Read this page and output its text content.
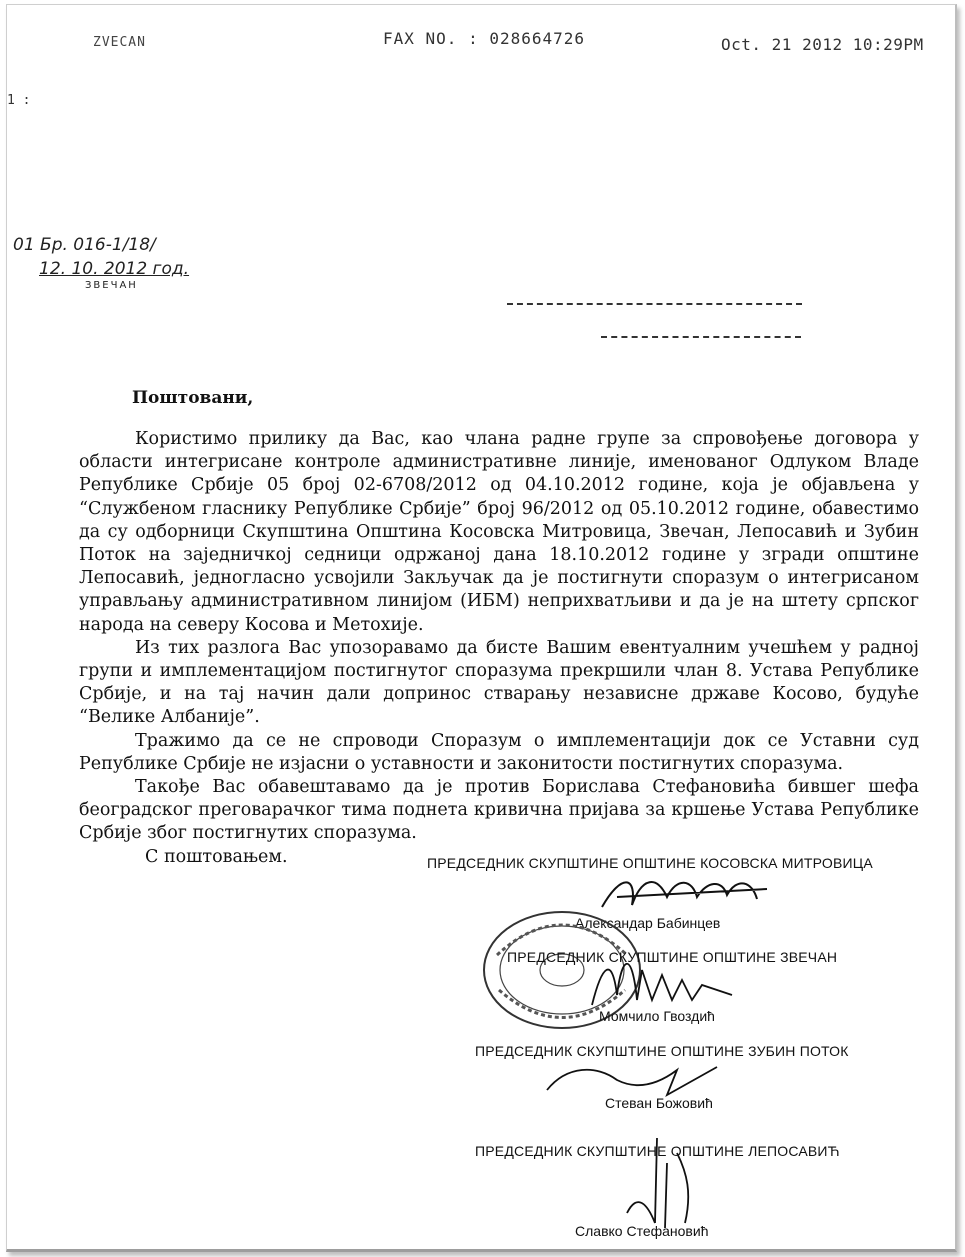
ZVECAN	FAX NO. : 028664726	Oct. 21 2012 10:29PM
1 :
01 Бр. 016-1/18/
12. 10. 2012 год.
ЗВЕЧАН
Поштовани,

Користимо прилику да Вас, као члана радне групе за спровођење договора у области интегрисане контроле административне линије, именованог Одлуком Владе Републике Србије 05 број 02-6708/2012 од 04.10.2012 године, која је објављена у “Службеном гласнику Републике Србије” број 96/2012 од 05.10.2012 године, обавестимо да су одборници Скупштина Општина Косовска Митровица, Звечан, Лепосавић и Зубин Поток на заједничкој седници одржаној дана 18.10.2012 године у згради општине Лепосавић, једногласно усвојили Закључак да је постигнути споразум о интегрисаном управљању административном линијом (ИБМ) неприхватљиви и да је на штету српског народа на северу Косова и Метохије.

Из тих разлога Вас упозоравамо да бисте Вашим евентуалним учешћем у радној групи и имплементацијом постигнутог споразума прекршили члан 8. Устава Републике Србије, и на тај начин дали допринос стварању независне државе Косово, будуће “Велике Албаније”.

Тражимо да се не спроводи Споразум о имплементацији док се Уставни суд Републике Србије не изјасни о уставности и законитости постигнутих споразума.

Такође Вас обавештавамо да је против Борислава Стефановића бившег шефа београдског преговарачког тима поднета кривична пријава за кршење Устава Републике Србије због постигнутих споразума.

С поштовањем.	ПРЕДСЕДНИК СКУПШТИНЕ ОПШТИНЕ КОСОВСКА МИТРОВИЦА
Александар Бабинцев
ПРЕДСЕДНИК СКУПШТИНЕ ОПШТИНЕ ЗВЕЧАН
Момчило Гвоздић
ПРЕДСЕДНИК СКУПШТИНЕ ОПШТИНЕ ЗУБИН ПОТОК
Стеван Божовић
ПРЕДСЕДНИК СКУПШТИНЕ ОПШТИНЕ ЛЕПОСАВИЋ
Славко Стефановић
